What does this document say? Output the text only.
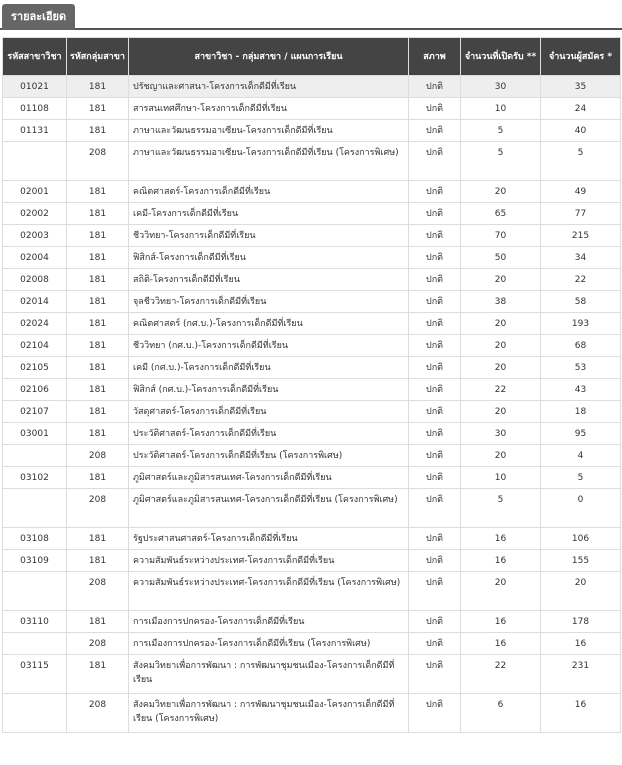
รายละเอียด
รหัสสาขาวิชา	รหัสกลุ่มสาขา	สาขาวิชา - กลุ่มสาขา / แผนการเรียน	สภาพ	จำนวนที่เปิดรับ **	จำนวนผู้สมัคร *
01021	181	ปรัชญาและศาสนา-โครงการเด็กดีมีที่เรียน	ปกติ	30	35
01108	181	สารสนเทศศึกษา-โครงการเด็กดีมีที่เรียน	ปกติ	10	24
01131	181	ภาษาและวัฒนธรรมอาเซียน-โครงการเด็กดีมีที่เรียน	ปกติ	5	40
	208	ภาษาและวัฒนธรรมอาเซียน-โครงการเด็กดีมีที่เรียน (โครงการพิเศษ)	ปกติ	5	5
02001	181	คณิตศาสตร์-โครงการเด็กดีมีที่เรียน	ปกติ	20	49
02002	181	เคมี-โครงการเด็กดีมีที่เรียน	ปกติ	65	77
02003	181	ชีววิทยา-โครงการเด็กดีมีที่เรียน	ปกติ	70	215
02004	181	ฟิสิกส์-โครงการเด็กดีมีที่เรียน	ปกติ	50	34
02008	181	สถิติ-โครงการเด็กดีมีที่เรียน	ปกติ	20	22
02014	181	จุลชีววิทยา-โครงการเด็กดีมีที่เรียน	ปกติ	38	58
02024	181	คณิตศาสตร์ (กศ.บ.)-โครงการเด็กดีมีที่เรียน	ปกติ	20	193
02104	181	ชีววิทยา (กศ.บ.)-โครงการเด็กดีมีที่เรียน	ปกติ	20	68
02105	181	เคมี (กศ.บ.)-โครงการเด็กดีมีที่เรียน	ปกติ	20	53
02106	181	ฟิสิกส์ (กศ.บ.)-โครงการเด็กดีมีที่เรียน	ปกติ	22	43
02107	181	วัสดุศาสตร์-โครงการเด็กดีมีที่เรียน	ปกติ	20	18
03001	181	ประวัติศาสตร์-โครงการเด็กดีมีที่เรียน	ปกติ	30	95
	208	ประวัติศาสตร์-โครงการเด็กดีมีที่เรียน (โครงการพิเศษ)	ปกติ	20	4
03102	181	ภูมิศาสตร์และภูมิสารสนเทศ-โครงการเด็กดีมีที่เรียน	ปกติ	10	5
	208	ภูมิศาสตร์และภูมิสารสนเทศ-โครงการเด็กดีมีที่เรียน (โครงการพิเศษ)	ปกติ	5	0
03108	181	รัฐประศาสนศาสตร์-โครงการเด็กดีมีที่เรียน	ปกติ	16	106
03109	181	ความสัมพันธ์ระหว่างประเทศ-โครงการเด็กดีมีที่เรียน	ปกติ	16	155
	208	ความสัมพันธ์ระหว่างประเทศ-โครงการเด็กดีมีที่เรียน (โครงการพิเศษ)	ปกติ	20	20
03110	181	การเมืองการปกครอง-โครงการเด็กดีมีที่เรียน	ปกติ	16	178
	208	การเมืองการปกครอง-โครงการเด็กดีมีที่เรียน (โครงการพิเศษ)	ปกติ	16	16
03115	181	สังคมวิทยาเพื่อการพัฒนา : การพัฒนาชุมชนเมือง-โครงการเด็กดีมีที่เรียน	ปกติ	22	231
	208	สังคมวิทยาเพื่อการพัฒนา : การพัฒนาชุมชนเมือง-โครงการเด็กดีมีที่เรียน (โครงการพิเศษ)	ปกติ	6	16
